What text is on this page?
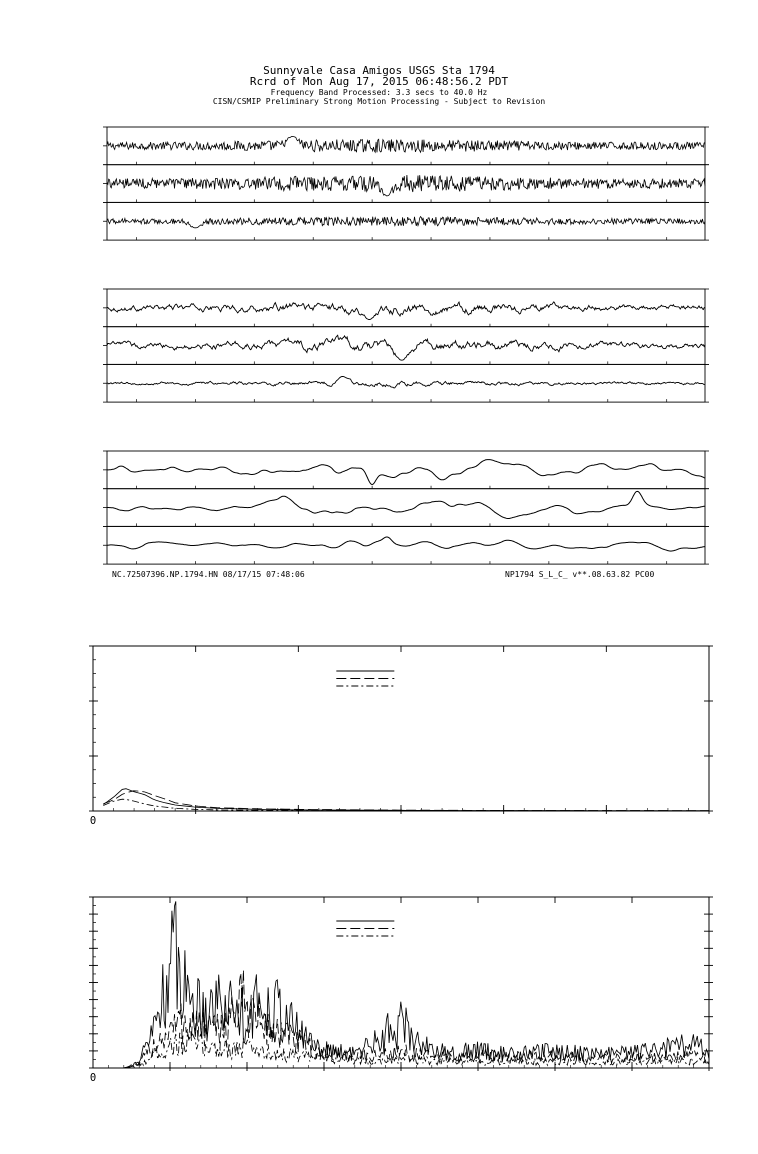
Sunnyvale Casa Amigos USGS Sta 1794
Rcrd of Mon Aug 17, 2015 06:48:56.2 PDT
Frequency Band Processed: 3.3 secs to 40.0 Hz
CISN/CSMIP Preliminary Strong Motion Processing - Subject to Revision
NC.72507396.NP.1794.HN 08/17/15 07:48:06	NP1794 S_L_C_ v**.08.63.82 PC00
0
0
